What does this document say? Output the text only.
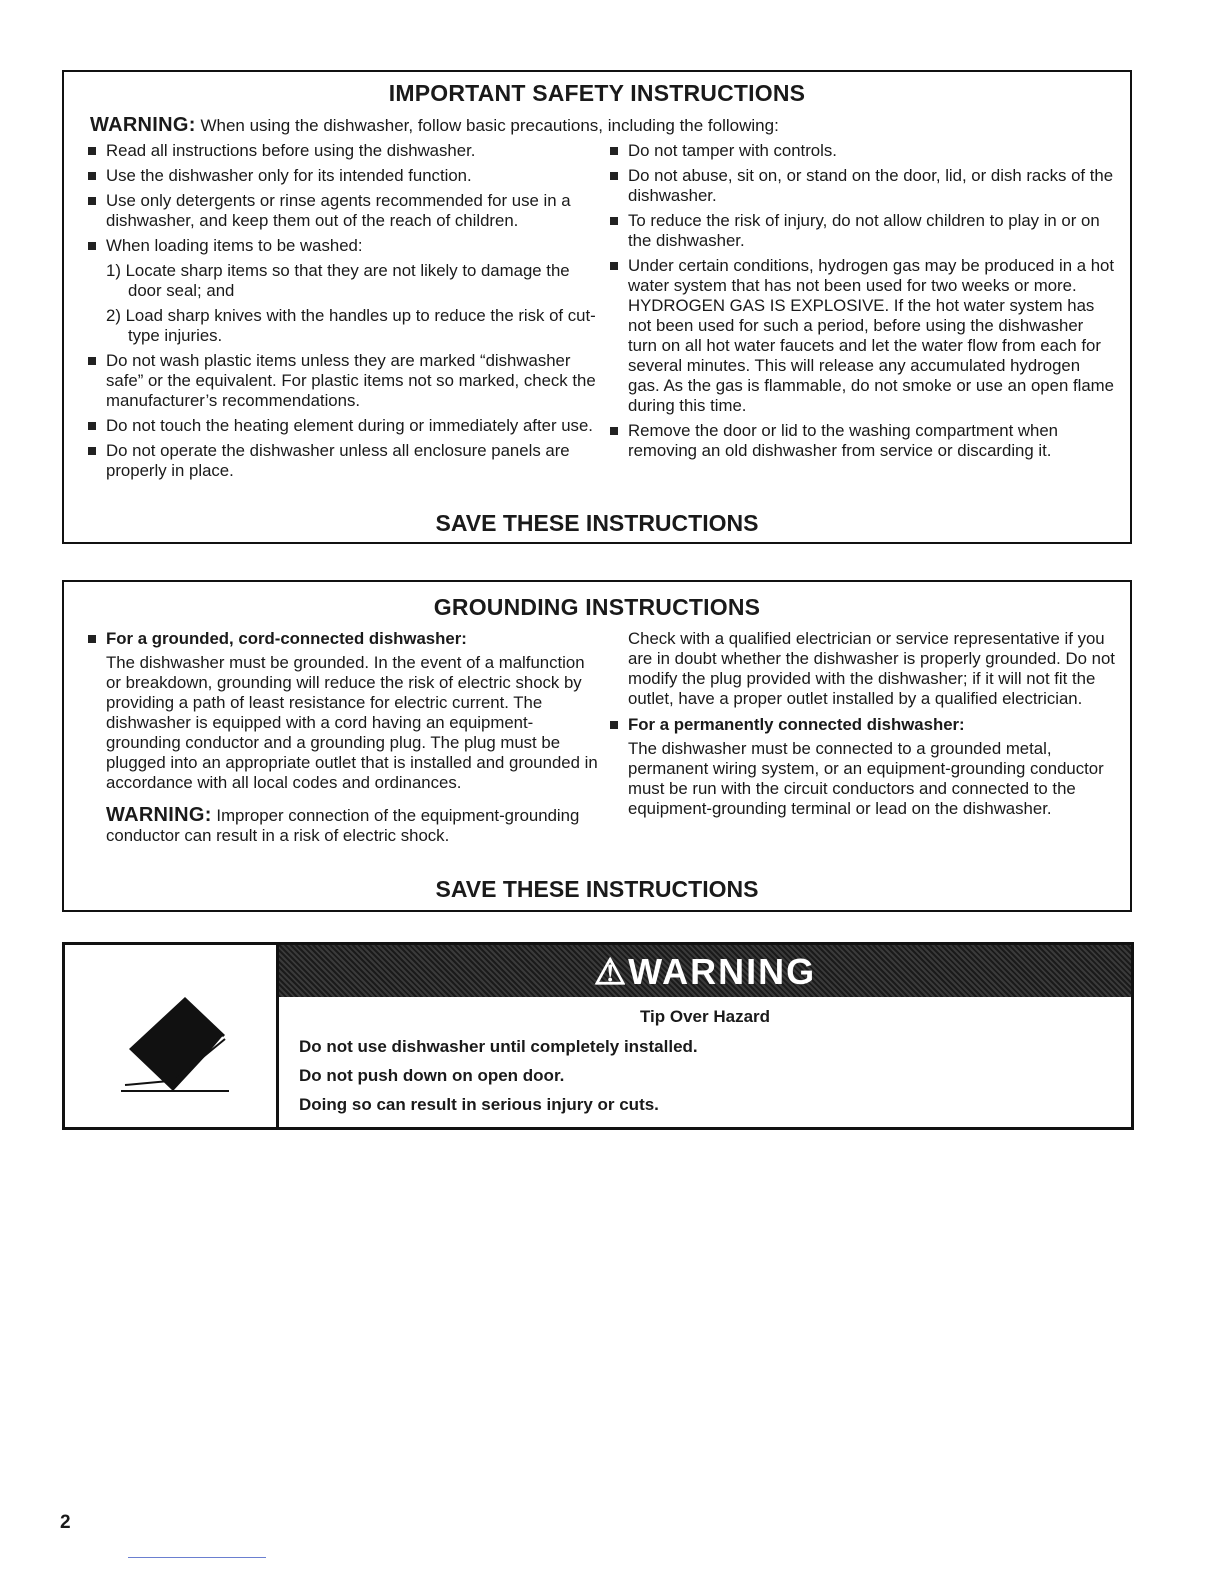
IMPORTANT SAFETY INSTRUCTIONS
WARNING: When using the dishwasher, follow basic precautions, including the following:
Read all instructions before using the dishwasher.
Use the dishwasher only for its intended function.
Use only detergents or rinse agents recommended for use in a dishwasher, and keep them out of the reach of children.
When loading items to be washed:
1) Locate sharp items so that they are not likely to damage the door seal; and
2) Load sharp knives with the handles up to reduce the risk of cut-type injuries.
Do not wash plastic items unless they are marked “dishwasher safe” or the equivalent. For plastic items not so marked, check the manufacturer’s recommendations.
Do not touch the heating element during or immediately after use.
Do not operate the dishwasher unless all enclosure panels are properly in place.
Do not tamper with controls.
Do not abuse, sit on, or stand on the door, lid, or dish racks of the dishwasher.
To reduce the risk of injury, do not allow children to play in or on the dishwasher.
Under certain conditions, hydrogen gas may be produced in a hot water system that has not been used for two weeks or more. HYDROGEN GAS IS EXPLOSIVE. If the hot water system has not been used for such a period, before using the dishwasher turn on all hot water faucets and let the water flow from each for several minutes. This will release any accumulated hydrogen gas. As the gas is flammable, do not smoke or use an open flame during this time.
Remove the door or lid to the washing compartment when removing an old dishwasher from service or discarding it.
SAVE THESE INSTRUCTIONS
GROUNDING INSTRUCTIONS
For a grounded, cord-connected dishwasher:
The dishwasher must be grounded. In the event of a malfunction or breakdown, grounding will reduce the risk of electric shock by providing a path of least resistance for electric current. The dishwasher is equipped with a cord having an equipment-grounding conductor and a grounding plug. The plug must be plugged into an appropriate outlet that is installed and grounded in accordance with all local codes and ordinances.
WARNING: Improper connection of the equipment-grounding conductor can result in a risk of electric shock.
Check with a qualified electrician or service representative if you are in doubt whether the dishwasher is properly grounded. Do not modify the plug provided with the dishwasher; if it will not fit the outlet, have a proper outlet installed by a qualified electrician.
For a permanently connected dishwasher:
The dishwasher must be connected to a grounded metal, permanent wiring system, or an equipment-grounding conductor must be run with the circuit conductors and connected to the equipment-grounding terminal or lead on the dishwasher.
SAVE THESE INSTRUCTIONS
⚠WARNING
Tip Over Hazard
Do not use dishwasher until completely installed.
Do not push down on open door.
Doing so can result in serious injury or cuts.
2
